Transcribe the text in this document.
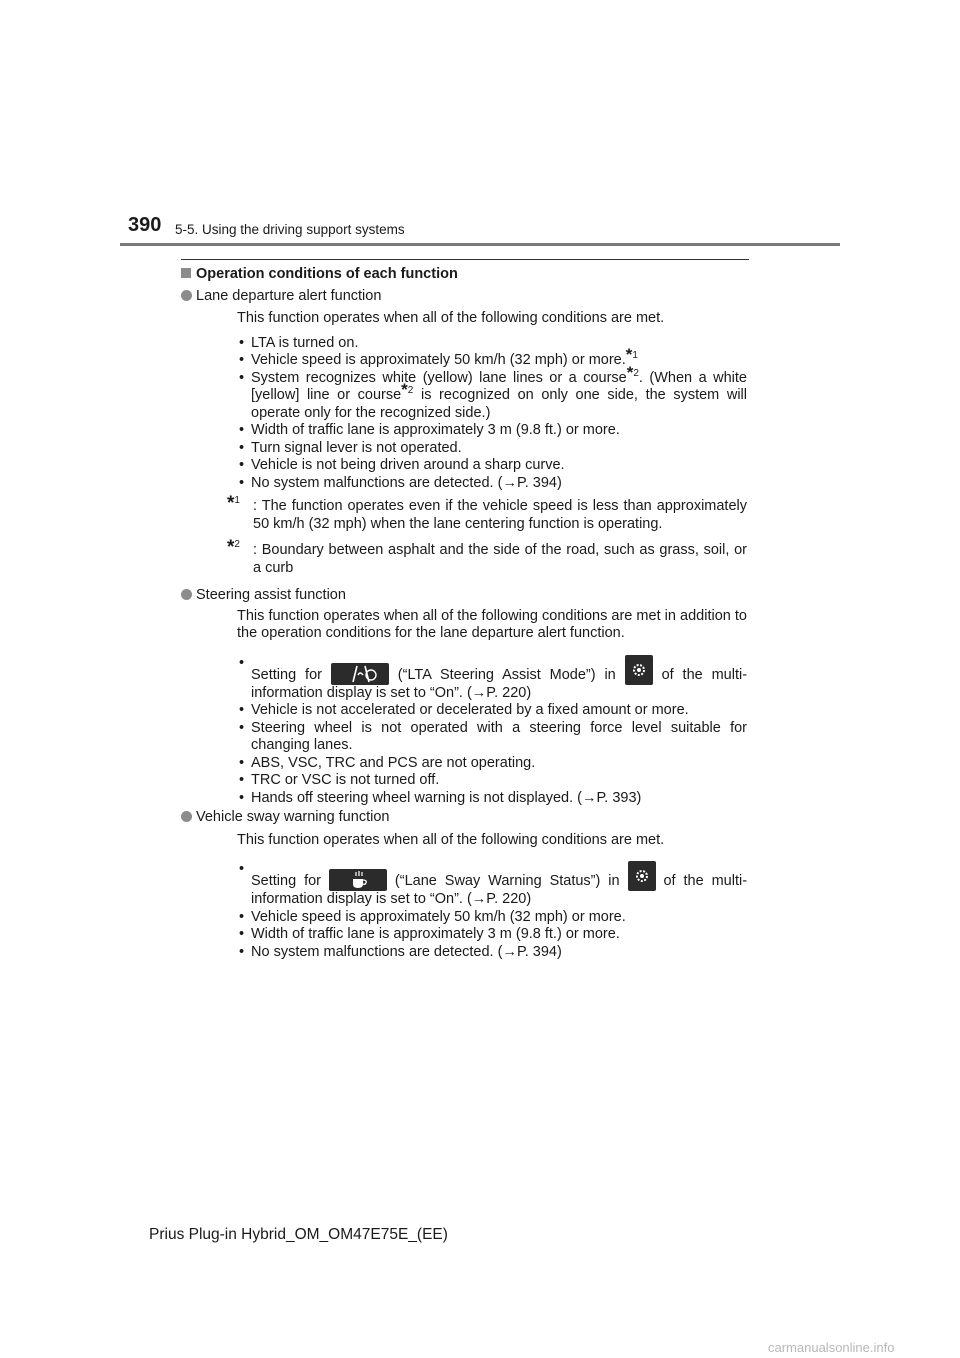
390 5-5. Using the driving support systems
Operation conditions of each function
Lane departure alert function
This function operates when all of the following conditions are met.
• LTA is turned on.
• Vehicle speed is approximately 50 km/h (32 mph) or more.*$^1$
• System recognizes white (yellow) lane lines or a course*$^2$. (When a white [yellow] line or course*$^2$ is recognized on only one side, the system will operate only for the recognized side.)
• Width of traffic lane is approximately 3 m (9.8 ft.) or more.
• Turn signal lever is not operated.
• Vehicle is not being driven around a sharp curve.
• No system malfunctions are detected. (→P. 394)
*$^1$ : The function operates even if the vehicle speed is less than approximately 50 km/h (32 mph) when the lane centering function is operating.
*$^2$ : Boundary between asphalt and the side of the road, such as grass, soil, or a curb
Steering assist function
This function operates when all of the following conditions are met in addition to the operation conditions for the lane departure alert function.
• Setting for	(“LTA Steering Assist Mode”) in	of the multi-information display is set to “On”. (→P. 220)
• Vehicle is not accelerated or decelerated by a fixed amount or more.
• Steering wheel is not operated with a steering force level suitable for changing lanes.
• ABS, VSC, TRC and PCS are not operating.
• TRC or VSC is not turned off.
• Hands off steering wheel warning is not displayed. (→P. 393)
Vehicle sway warning function
This function operates when all of the following conditions are met.
• Setting for	(“Lane Sway Warning Status”) in	of the multi-information display is set to “On”. (→P. 220)
• Vehicle speed is approximately 50 km/h (32 mph) or more.
• Width of traffic lane is approximately 3 m (9.8 ft.) or more.
• No system malfunctions are detected. (→P. 394)
Prius Plug-in Hybrid_OM_OM47E75E_(EE)
carmanualsonline.info
